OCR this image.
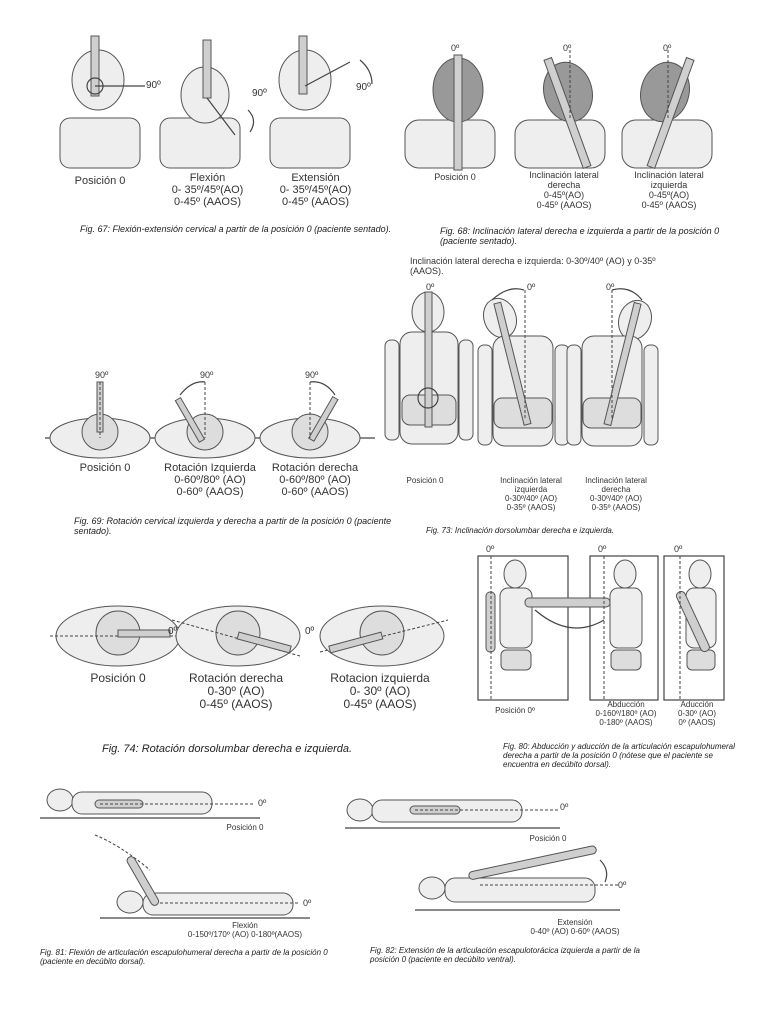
90º
90º
90º
Posición 0	Flexión
0- 35º/45º(AO)
0-45º (AAOS)
Extensión
0- 35º/45º(AO)
0-45º (AAOS)
Fig. 67: Flexión-extensión cervical a partir de la posición 0 (paciente sentado).
0º	0º	0º
Posición 0	Inclinación lateral
derecha
0-45º(AO)
0-45º (AAOS)
Inclinación lateral
izquierda
0-45º(AO)
0-45º (AAOS)
Fig. 68: Inclinación lateral derecha e izquierda a partir de la posición 0 (paciente sentado).
Inclinación lateral derecha e izquierda: 0-30º/40º (AO) y 0-35º (AAOS).
0º	0º	0º
Posición 0	Inclinación lateral
izquierda
0-30º/40º (AO)
0-35º (AAOS)
Inclinación lateral
derecha
0-30º/40º (AO)
0-35º (AAOS)
Fig. 73: Inclinación dorsolumbar derecha e izquierda.
90º	90º	90º
Posición 0	Rotación Izquierda
0-60º/80º (AO)
0-60º (AAOS)
Rotación derecha
0-60º/80º (AO)
0-60º (AAOS)
Fig. 69: Rotación cervical izquierda y derecha a partir de la posición 0 (paciente sentado).
0º	0º
Posición 0	Rotación derecha
0-30º (AO)
0-45º (AAOS)
Rotacion izquierda
0- 30º (AO)
0-45º (AAOS)
Fig. 74: Rotación dorsolumbar derecha e izquierda.
0º	0º	0º
Posición 0º
Abducción
0-160º/180º (AO)
0-180º (AAOS)
Aducción
0-30º (AO)
0º (AAOS)
Fig. 80: Abducción y aducción de la articulación escapulohumeral derecha a partir de la posición 0 (nótese que el paciente se encuentra en decúbito dorsal).
0º
0º
Posición 0
Flexión
0-150º/170º (AO) 0-180º(AAOS)
Fig. 81: Flexión de articulación escapulohumeral derecha a partir de la posición 0 (paciente en decúbito dorsal).
0º
0º
Posición 0
Extensión
0-40º (AO) 0-60º (AAOS)
Fig. 82: Extensión de la articulación escapulotorácica izquierda a partir de la posición 0 (paciente en decúbito ventral).
